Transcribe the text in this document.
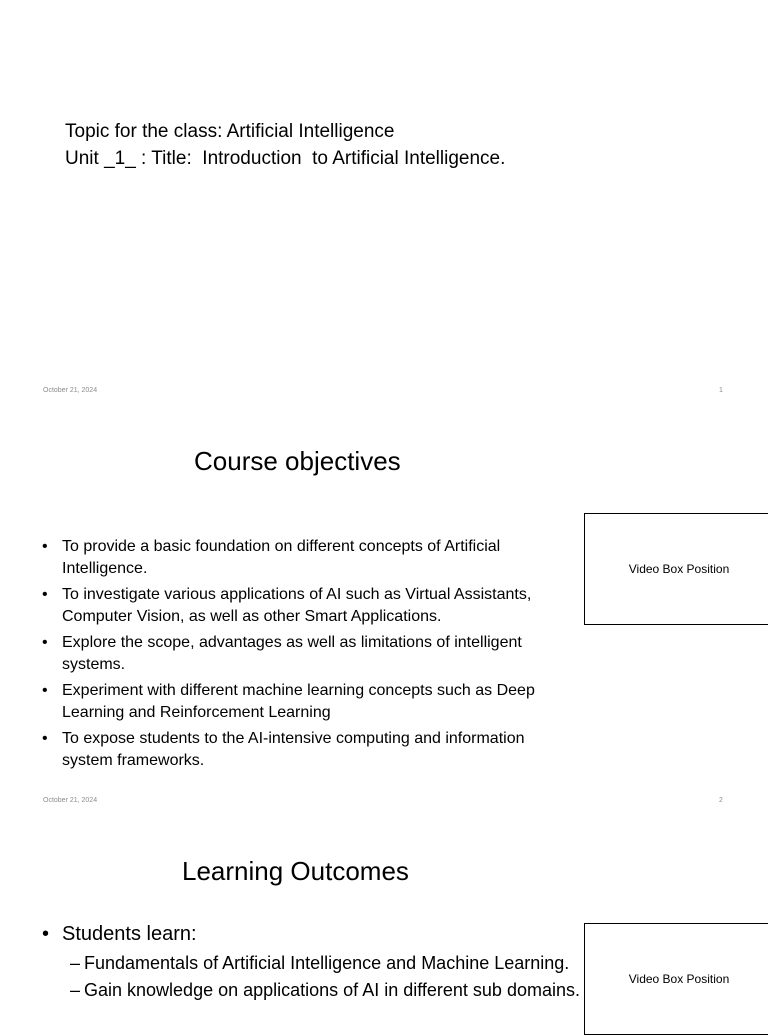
Topic for the class: Artificial Intelligence
Unit _1_ : Title:  Introduction  to Artificial Intelligence.
October 21, 2024	1
Course objectives
• To provide a basic foundation on different concepts of Artificial Intelligence.
• To investigate various applications of AI such as Virtual Assistants, Computer Vision, as well as other Smart Applications.
• Explore the scope, advantages as well as limitations of intelligent systems.
• Experiment with different machine learning concepts such as Deep Learning and Reinforcement Learning
• To expose students to the AI-intensive computing and information system frameworks.
Video Box Position
October 21, 2024	2
Learning Outcomes
• Students learn:
– Fundamentals of Artificial Intelligence and Machine Learning.
– Gain knowledge on applications of AI in different sub domains.
Video Box Position
